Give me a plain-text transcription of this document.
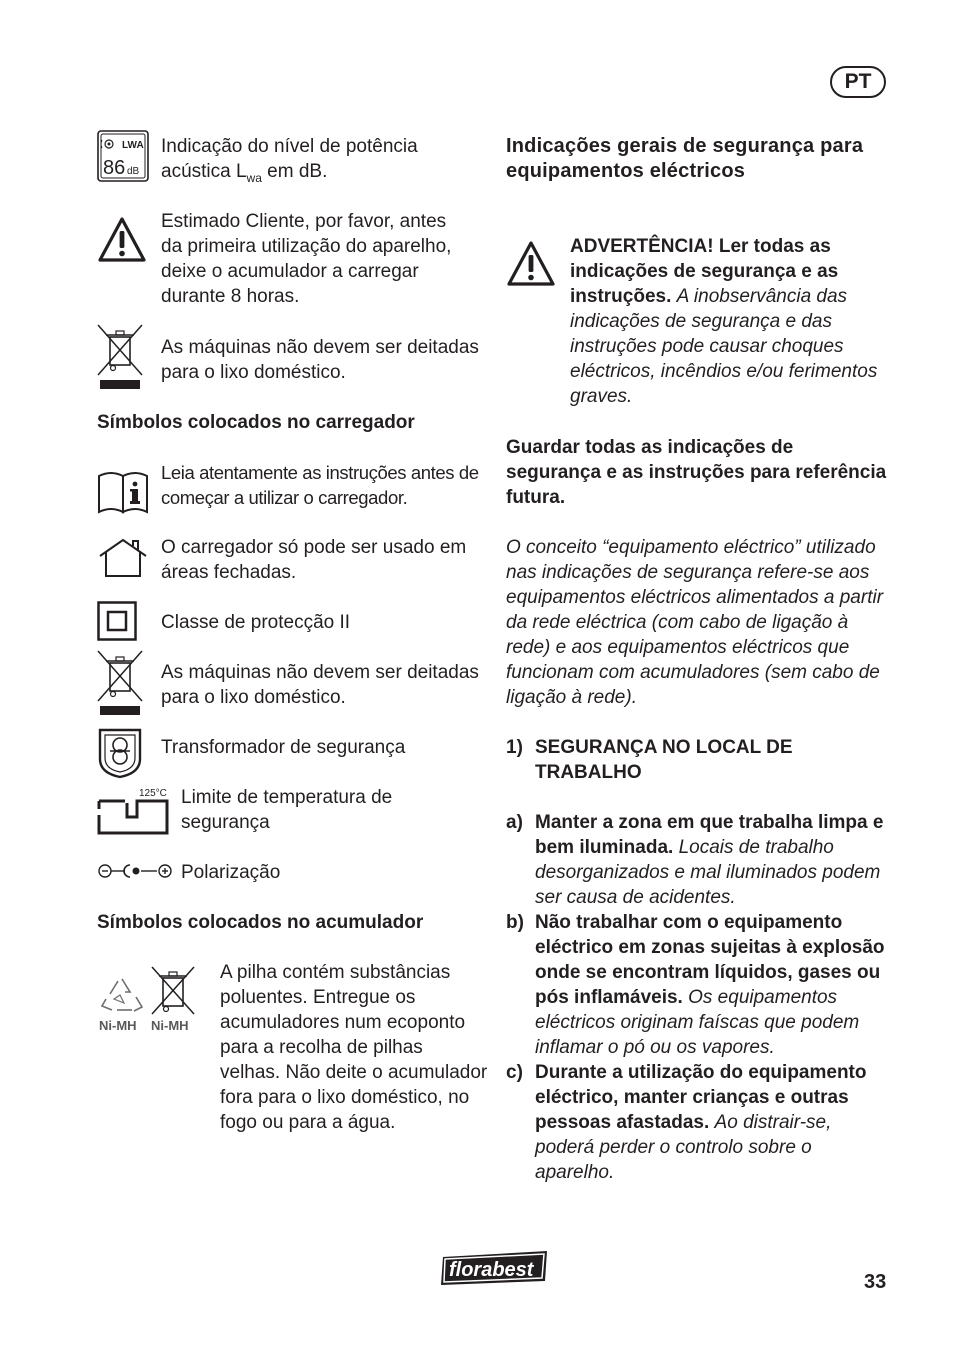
PT
LWA
86 dB
Indicação do nível de potência acústica $L_{wa}$ em dB.
Estimado Cliente, por favor, antes da primeira utilização do aparelho, deixe o acumulador a carregar durante 8 horas.
As máquinas não devem ser deitadas para o lixo doméstico.
Símbolos colocados no carregador
Leia atentamente as instruções antes de começar a utilizar o carregador.
O carregador só pode ser usado em áreas fechadas.
Classe de protecção II
As máquinas não devem ser deitadas para o lixo doméstico.
Transformador de segurança
125°C Limite de temperatura de segurança
Polarização
Símbolos colocados no acumulador
Ni-MH Ni-MH
A pilha contém substâncias poluentes. Entregue os acumuladores num ecoponto para a recolha de pilhas velhas. Não deite o acumulador fora para o lixo doméstico, no fogo ou para a água.
Indicações gerais de segurança para equipamentos eléctricos
ADVERTÊNCIA! Ler todas as indicações de segurança e as instruções. A inobservância das indicações de segurança e das instruções pode causar choques eléctricos, incêndios e/ou ferimentos graves.
Guardar todas as indicações de segurança e as instruções para referência futura.
O conceito “equipamento eléctrico” utilizado nas indicações de segurança refere-se aos equipamentos eléctricos alimentados a partir da rede eléctrica (com cabo de ligação à rede) e aos equipamentos eléctricos que funcionam com acumuladores (sem cabo de ligação à rede).
1) SEGURANÇA NO LOCAL DE TRABALHO
a) Manter a zona em que trabalha limpa e bem iluminada. Locais de trabalho desorganizados e mal iluminados podem ser causa de acidentes.
b) Não trabalhar com o equipamento eléctrico em zonas sujeitas à explosão onde se encontram líquidos, gases ou pós inflamáveis. Os equipamentos eléctricos originam faíscas que podem inflamar o pó ou os vapores.
c) Durante a utilização do equipamento eléctrico, manter crianças e outras pessoas afastadas. Ao distrair-se, poderá perder o controlo sobre o aparelho.
florabest
33
